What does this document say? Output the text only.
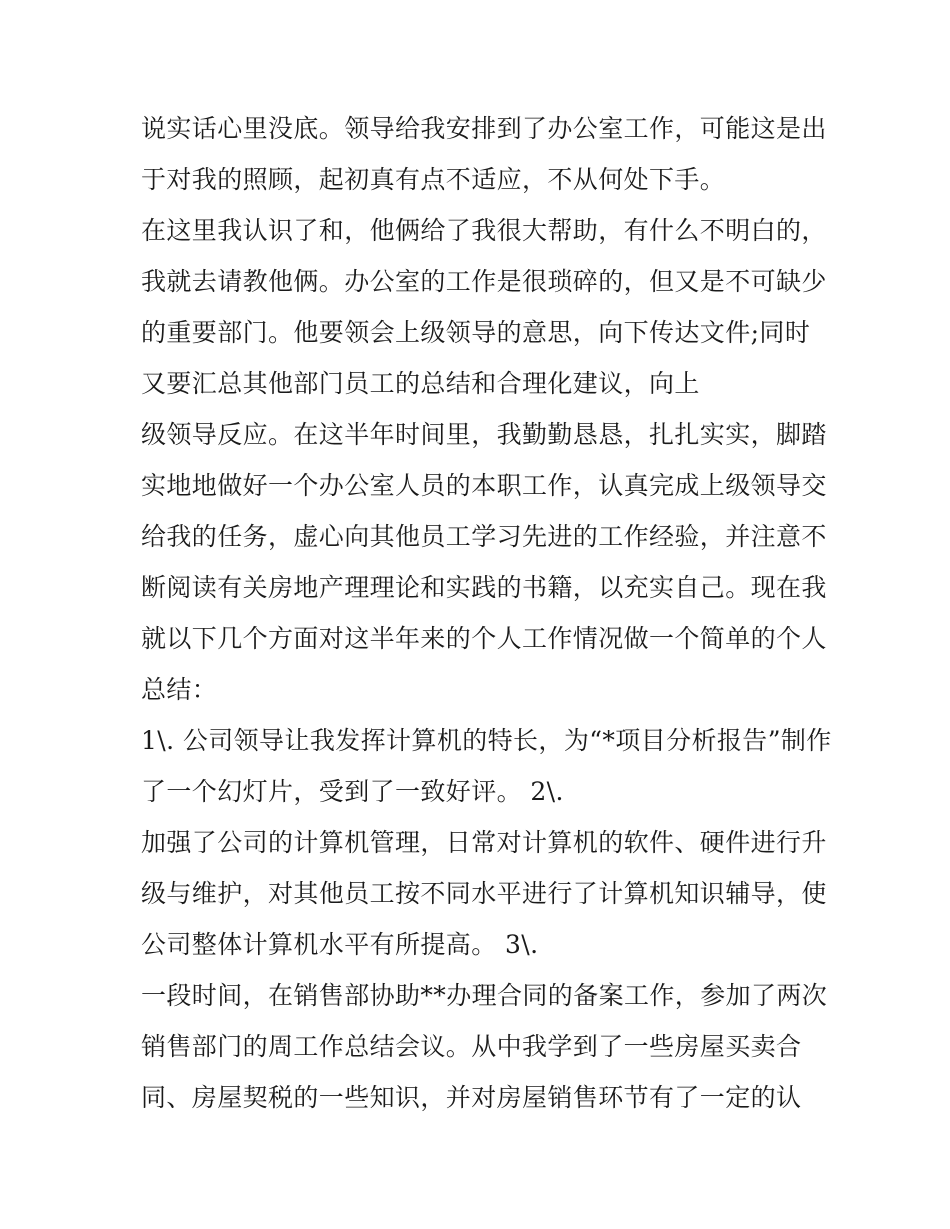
说实话心里没底。领导给我安排到了办公室工作，可能这是出
于对我的照顾，起初真有点不适应，不从何处下手。
在这里我认识了和，他俩给了我很大帮助，有什么不明白的，
我就去请教他俩。办公室的工作是很琐碎的，但又是不可缺少
的重要部门。他要领会上级领导的意思，向下传达文件;同时
又要汇总其他部门员工的总结和合理化建议，向上
级领导反应。在这半年时间里，我勤勤恳恳，扎扎实实，脚踏
实地地做好一个办公室人员的本职工作，认真完成上级领导交
给我的任务，虚心向其他员工学习先进的工作经验，并注意不
断阅读有关房地产理理论和实践的书籍，以充实自己。现在我
就以下几个方面对这半年来的个人工作情况做一个简单的个人
总结：
1\. 公司领导让我发挥计算机的特长，为“*项目分析报告”制作
了一个幻灯片，受到了一致好评。 2\.
加强了公司的计算机管理，日常对计算机的软件、硬件进行升
级与维护，对其他员工按不同水平进行了计算机知识辅导，使
公司整体计算机水平有所提高。 3\.
一段时间，在销售部协助**办理合同的备案工作，参加了两次
销售部门的周工作总结会议。从中我学到了一些房屋买卖合
同、房屋契税的一些知识，并对房屋销售环节有了一定的认
